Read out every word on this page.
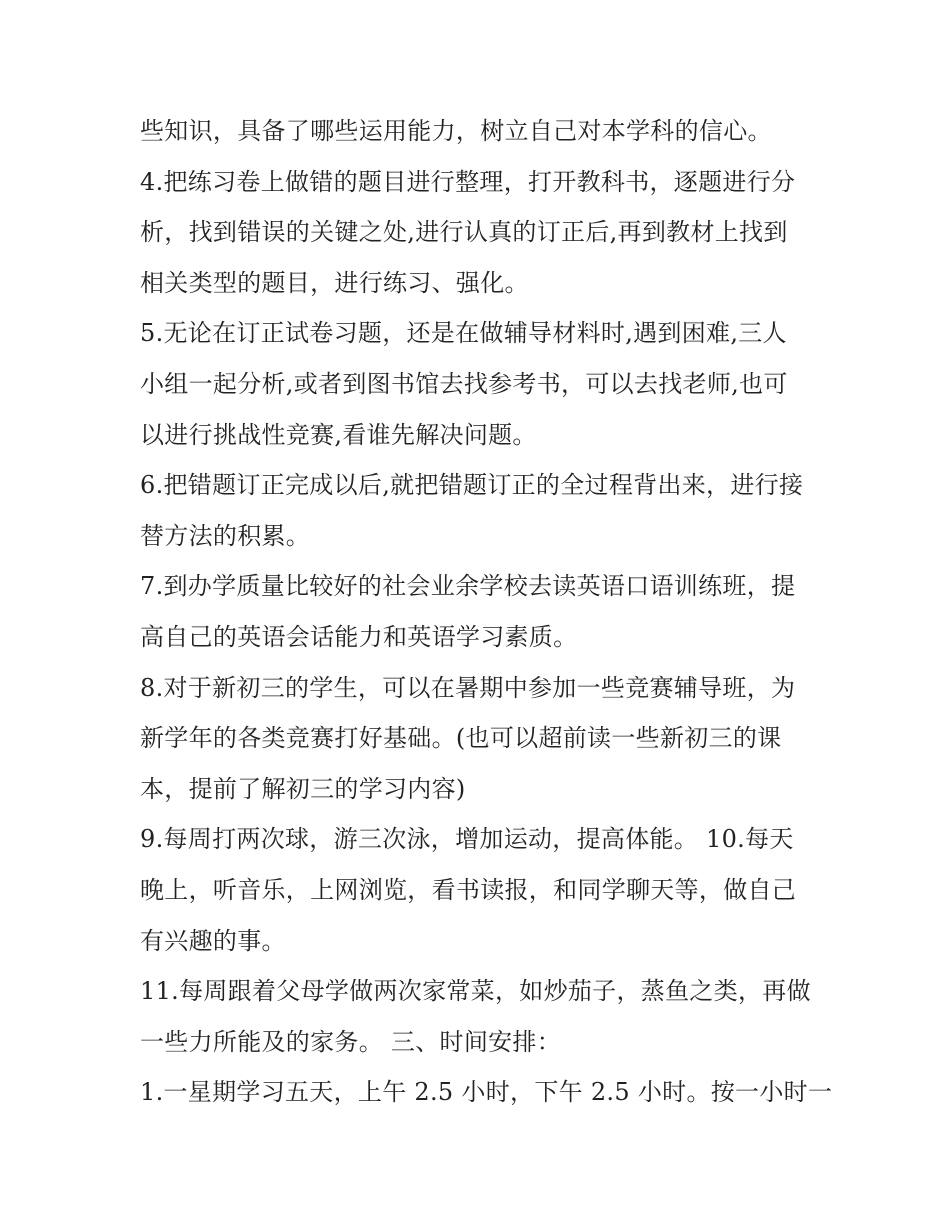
些知识，具备了哪些运用能力，树立自己对本学科的信心。
4.把练习卷上做错的题目进行整理，打开教科书，逐题进行分
析，找到错误的关键之处,进行认真的订正后,再到教材上找到
相关类型的题目，进行练习、强化。
5.无论在订正试卷习题，还是在做辅导材料时,遇到困难,三人
小组一起分析,或者到图书馆去找参考书，可以去找老师,也可
以进行挑战性竞赛,看谁先解决问题。
6.把错题订正完成以后,就把错题订正的全过程背出来，进行接
替方法的积累。
7.到办学质量比较好的社会业余学校去读英语口语训练班，提
高自己的英语会话能力和英语学习素质。
8.对于新初三的学生，可以在暑期中参加一些竞赛辅导班，为
新学年的各类竞赛打好基础。(也可以超前读一些新初三的课
本，提前了解初三的学习内容)
9.每周打两次球，游三次泳，增加运动，提高体能。 10.每天
晚上，听音乐，上网浏览，看书读报，和同学聊天等，做自己
有兴趣的事。
11.每周跟着父母学做两次家常菜，如炒茄子，蒸鱼之类，再做
一些力所能及的家务。 三、时间安排：
1.一星期学习五天，上午 2.5 小时，下午 2.5 小时。按一小时一
